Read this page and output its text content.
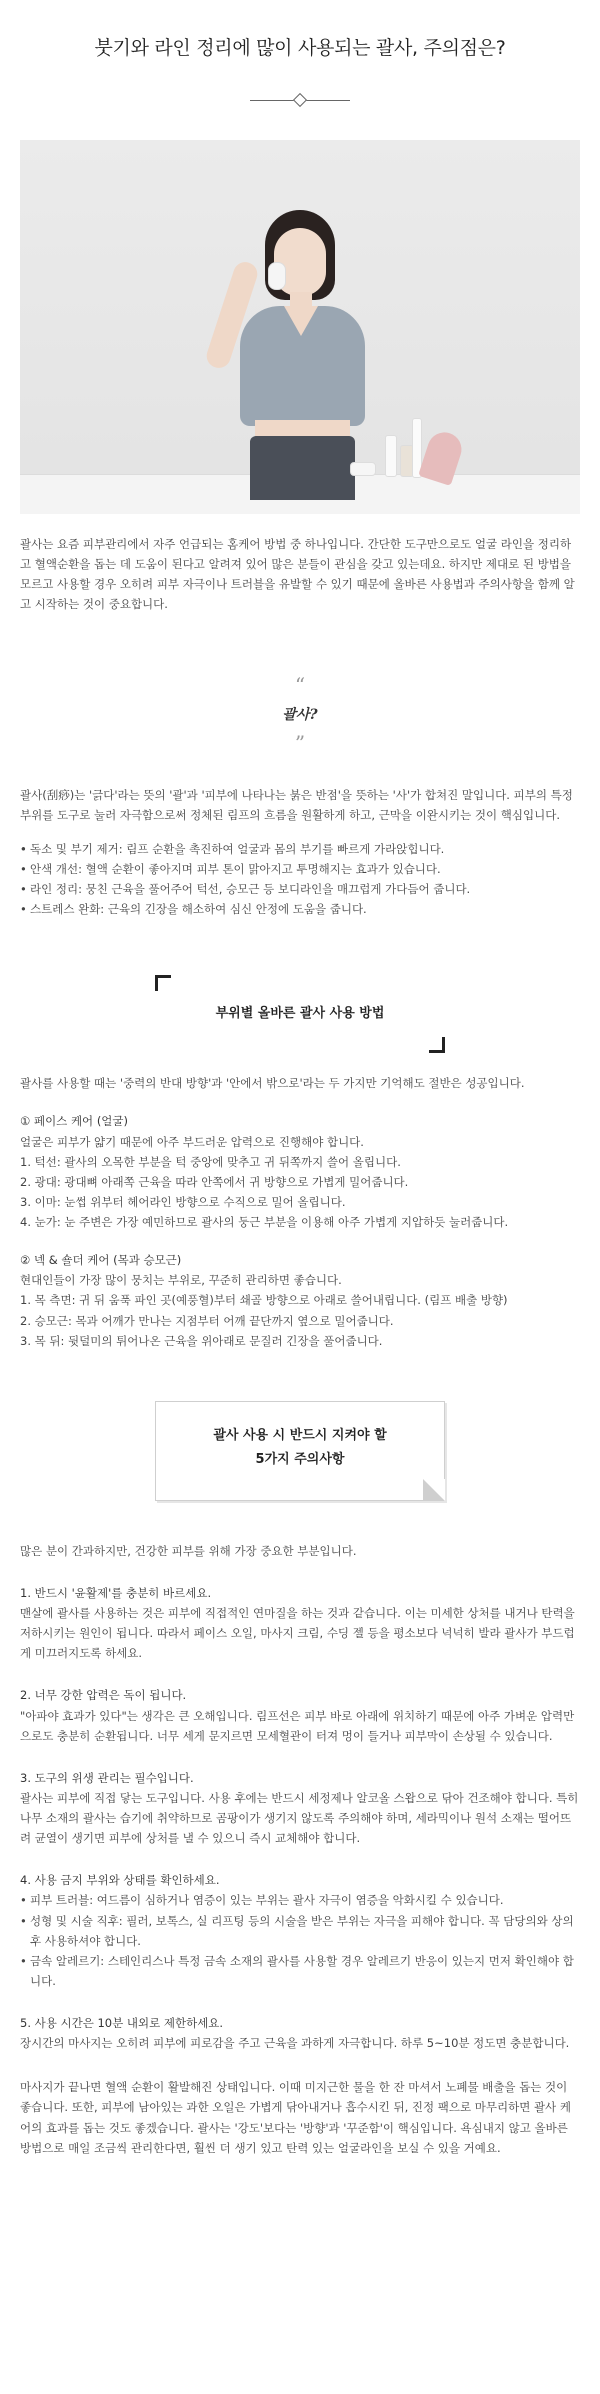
붓기와 라인 정리에 많이 사용되는 괄사, 주의점은?

괄사는 요즘 피부관리에서 자주 언급되는 홈케어 방법 중 하나입니다. 간단한 도구만으로도 얼굴 라인을 정리하고 혈액순환을 돕는 데 도움이 된다고 알려져 있어 많은 분들이 관심을 갖고 있는데요. 하지만 제대로 된 방법을 모르고 사용할 경우 오히려 피부 자극이나 트러블을 유발할 수 있기 때문에 올바른 사용법과 주의사항을 함께 알고 시작하는 것이 중요합니다.

“
괄사?
”

괄사(刮痧)는 '긁다'라는 뜻의 '괄'과 '피부에 나타나는 붉은 반점'을 뜻하는 '사'가 합쳐진 말입니다. 피부의 특정 부위를 도구로 눌러 자극함으로써 정체된 림프의 흐름을 원활하게 하고, 근막을 이완시키는 것이 핵심입니다.

• 독소 및 부기 제거: 림프 순환을 촉진하여 얼굴과 몸의 부기를 빠르게 가라앉힙니다.
• 안색 개선: 혈액 순환이 좋아지며 피부 톤이 맑아지고 투명해지는 효과가 있습니다.
• 라인 정리: 뭉친 근육을 풀어주어 턱선, 승모근 등 보디라인을 매끄럽게 가다듬어 줍니다.
• 스트레스 완화: 근육의 긴장을 해소하여 심신 안정에 도움을 줍니다.
부위별 올바른 괄사 사용 방법

괄사를 사용할 때는 '중력의 반대 방향'과 '안에서 밖으로'라는 두 가지만 기억해도 절반은 성공입니다.

① 페이스 케어 (얼굴)

얼굴은 피부가 얇기 때문에 아주 부드러운 압력으로 진행해야 합니다.

1. 턱선: 괄사의 오목한 부분을 턱 중앙에 맞추고 귀 뒤쪽까지 쓸어 올립니다.
2. 광대: 광대뼈 아래쪽 근육을 따라 안쪽에서 귀 방향으로 가볍게 밀어줍니다.
3. 이마: 눈썹 위부터 헤어라인 방향으로 수직으로 밀어 올립니다.
4. 눈가: 눈 주변은 가장 예민하므로 괄사의 둥근 부분을 이용해 아주 가볍게 지압하듯 눌러줍니다.

② 넥 & 숄더 케어 (목과 승모근)

현대인들이 가장 많이 뭉치는 부위로, 꾸준히 관리하면 좋습니다.

1. 목 측면: 귀 뒤 움푹 파인 곳(예풍혈)부터 쇄골 방향으로 아래로 쓸어내립니다. (림프 배출 방향)
2. 승모근: 목과 어깨가 만나는 지점부터 어깨 끝단까지 옆으로 밀어줍니다.
3. 목 뒤: 뒷덜미의 튀어나온 근육을 위아래로 문질러 긴장을 풀어줍니다.
괄사 사용 시 반드시 지켜야 할
5가지 주의사항

많은 분이 간과하지만, 건강한 피부를 위해 가장 중요한 부분입니다.

1. 반드시 '윤활제'를 충분히 바르세요.

맨살에 괄사를 사용하는 것은 피부에 직접적인 연마질을 하는 것과 같습니다. 이는 미세한 상처를 내거나 탄력을 저하시키는 원인이 됩니다. 따라서 페이스 오일, 마사지 크림, 수딩 젤 등을 평소보다 넉넉히 발라 괄사가 부드럽게 미끄러지도록 하세요.

2. 너무 강한 압력은 독이 됩니다.

"아파야 효과가 있다"는 생각은 큰 오해입니다. 림프선은 피부 바로 아래에 위치하기 때문에 아주 가벼운 압력만으로도 충분히 순환됩니다. 너무 세게 문지르면 모세혈관이 터져 멍이 들거나 피부막이 손상될 수 있습니다.

3. 도구의 위생 관리는 필수입니다.

괄사는 피부에 직접 닿는 도구입니다. 사용 후에는 반드시 세정제나 알코올 스왑으로 닦아 건조해야 합니다. 특히 나무 소재의 괄사는 습기에 취약하므로 곰팡이가 생기지 않도록 주의해야 하며, 세라믹이나 원석 소재는 떨어뜨려 균열이 생기면 피부에 상처를 낼 수 있으니 즉시 교체해야 합니다.

4. 사용 금지 부위와 상태를 확인하세요.

• 피부 트러블: 여드름이 심하거나 염증이 있는 부위는 괄사 자극이 염증을 악화시킬 수 있습니다.
• 성형 및 시술 직후: 필러, 보톡스, 실 리프팅 등의 시술을 받은 부위는 자극을 피해야 합니다. 꼭 담당의와 상의 후 사용하셔야 합니다.
• 금속 알레르기: 스테인리스나 특정 금속 소재의 괄사를 사용할 경우 알레르기 반응이 있는지 먼저 확인해야 합니다.

5. 사용 시간은 10분 내외로 제한하세요.

장시간의 마사지는 오히려 피부에 피로감을 주고 근육을 과하게 자극합니다. 하루 5~10분 정도면 충분합니다.

마사지가 끝나면 혈액 순환이 활발해진 상태입니다. 이때 미지근한 물을 한 잔 마셔서 노폐물 배출을 돕는 것이 좋습니다. 또한, 피부에 남아있는 과한 오일은 가볍게 닦아내거나 흡수시킨 뒤, 진정 팩으로 마무리하면 괄사 케어의 효과를 돕는 것도 좋겠습니다. 괄사는 '강도'보다는 '방향'과 '꾸준함'이 핵심입니다. 욕심내지 않고 올바른 방법으로 매일 조금씩 관리한다면, 훨씬 더 생기 있고 탄력 있는 얼굴라인을 보실 수 있을 거예요.
